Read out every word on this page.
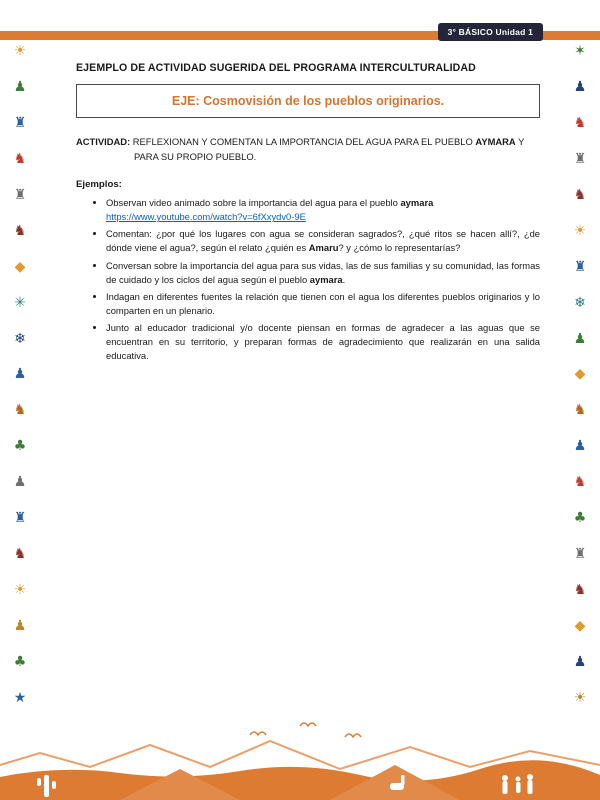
3° BÁSICO Unidad 1
☀
♟
♜
♞
♜
♞
◆
✳
❄
♟
♞
♣
♟
♜
♞
☀
♟
♣
★
✶
♟
♞
♜
♞
☀
♜
❄
♟
◆
♞
♟
♞
♣
♜
♞
◆
♟
☀
EJEMPLO DE ACTIVIDAD SUGERIDA DEL PROGRAMA INTERCULTURALIDAD
EJE: Cosmovisión de los pueblos originarios.

ACTIVIDAD: REFLEXIONAN Y COMENTAN LA IMPORTANCIA DEL AGUA PARA EL PUEBLO AYMARA Y PARA SU PROPIO PUEBLO.

Ejemplos:
• Observan video animado sobre la importancia del agua para el pueblo aymara
https://www.youtube.com/watch?v=6fXxydv0-9E
• Comentan: ¿por qué los lugares con agua se consideran sagrados?, ¿qué ritos se hacen allí?, ¿de dónde viene el agua?, según el relato ¿quién es Amaru? y ¿cómo lo representarías?
• Conversan sobre la importancia del agua para sus vidas, las de sus familias y su comunidad, las formas de cuidado y los ciclos del agua según el pueblo aymara.
• Indagan en diferentes fuentes la relación que tienen con el agua los diferentes pueblos originarios y lo comparten en un plenario.
• Junto al educador tradicional y/o docente piensan en formas de agradecer a las aguas que se encuentran en su territorio, y preparan formas de agradecimiento que realizarán en una salida educativa.
